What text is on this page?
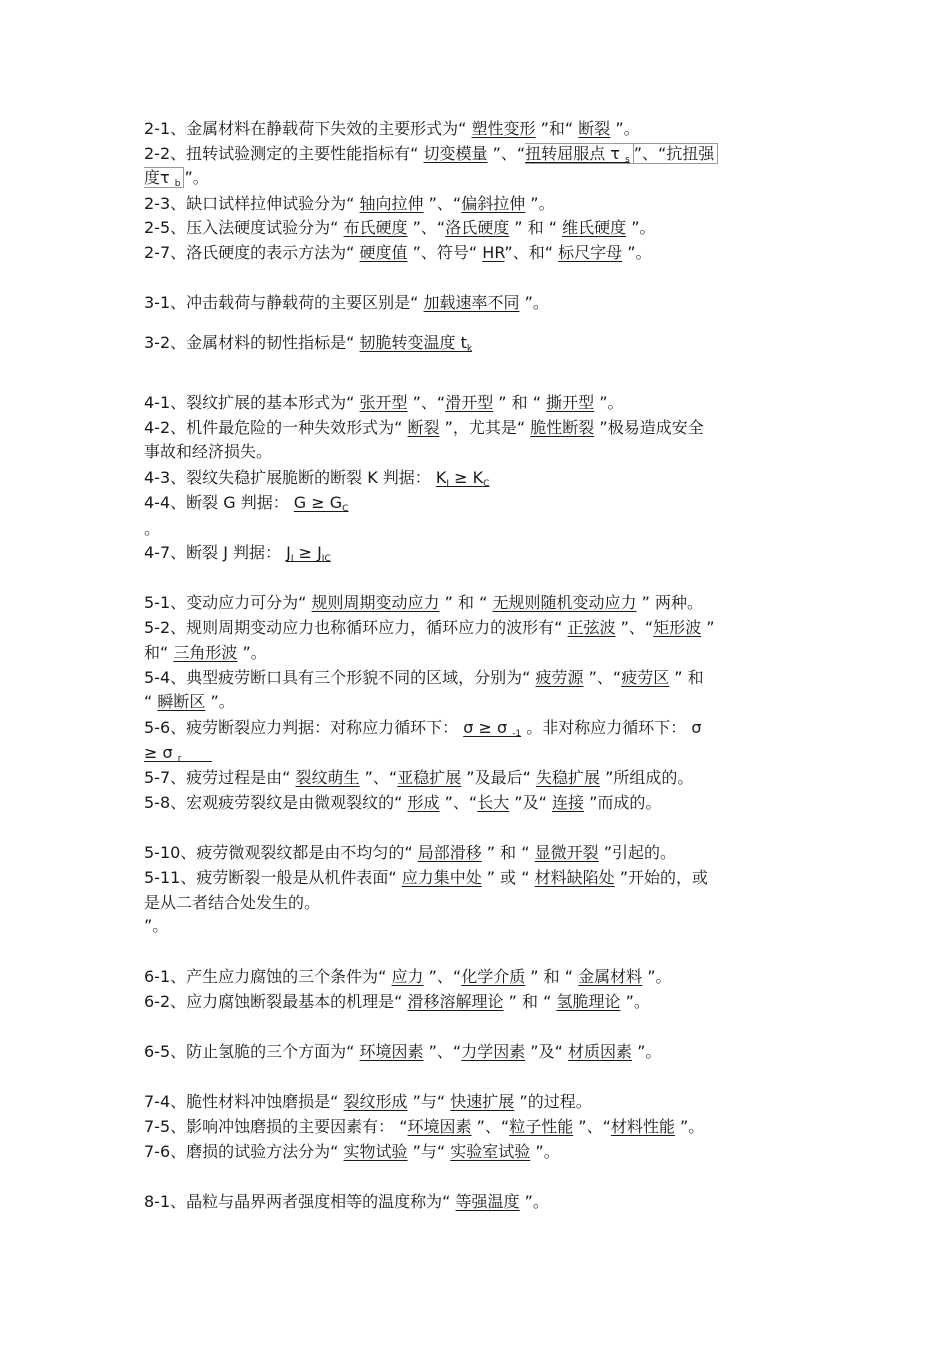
2-1、金属材料在静载荷下失效的主要形式为“ 塑性变形 ”和“ 断裂 ”。
2-2、扭转试验测定的主要性能指标有“ 切变模量 ”、“扭转屈服点 τ $_s$ ”、“抗扭强
度τ $_b$ ”。
2-3、缺口试样拉伸试验分为“ 轴向拉伸 ”、“偏斜拉伸 ”。
2-5、压入法硬度试验分为“ 布氏硬度 ”、“洛氏硬度 ” 和 “ 维氏硬度 ”。
2-7、洛氏硬度的表示方法为“ 硬度值 ”、符号“ HR”、和“ 标尺字母 ”。
3-1、冲击载荷与静载荷的主要区别是“ 加载速率不同 ”。
3-2、金属材料的韧性指标是“ 韧脆转变温度 $t_k$
4-1、裂纹扩展的基本形式为“ 张开型 ”、“滑开型 ” 和 “ 撕开型 ”。
4-2、机件最危险的一种失效形式为“ 断裂 ”，尤其是“ 脆性断裂 ”极易造成安全
事故和经济损失。
4-3、裂纹失稳扩展脆断的断裂 K 判据： $K_I \ge K_C$
4-4、断裂 G 判据： $G \ge G_C$
。
4-7、断裂 J 判据： $J_I \ge J_{IC}$
5-1、变动应力可分为“ 规则周期变动应力 ” 和 “ 无规则随机变动应力 ” 两种。
5-2、规则周期变动应力也称循环应力，循环应力的波形有“ 正弦波 ”、“矩形波 ”
和“ 三角形波 ”。
5-4、典型疲劳断口具有三个形貌不同的区域，分别为“ 疲劳源 ”、“疲劳区 ” 和
“ 瞬断区 ”。
5-6、疲劳断裂应力判据：对称应力循环下： σ ≥ σ $_{-1}$ 。非对称应力循环下： σ
≥ σ $_r$
5-7、疲劳过程是由“ 裂纹萌生 ”、“亚稳扩展 ”及最后“ 失稳扩展 ”所组成的。
5-8、宏观疲劳裂纹是由微观裂纹的“ 形成 ”、“长大 ”及“ 连接 ”而成的。
5-10、疲劳微观裂纹都是由不均匀的“ 局部滑移 ” 和 “ 显微开裂 ”引起的。
5-11、疲劳断裂一般是从机件表面“ 应力集中处 ” 或 “ 材料缺陷处 ”开始的，或
是从二者结合处发生的。
”。
6-1、产生应力腐蚀的三个条件为“ 应力 ”、“化学介质 ” 和 “ 金属材料 ”。
6-2、应力腐蚀断裂最基本的机理是“ 滑移溶解理论 ” 和 “ 氢脆理论 ”。
6-5、防止氢脆的三个方面为“ 环境因素 ”、“力学因素 ”及“ 材质因素 ”。
7-4、脆性材料冲蚀磨损是“ 裂纹形成 ”与“ 快速扩展 ”的过程。
7-5、影响冲蚀磨损的主要因素有： “环境因素 ”、“粒子性能 ”、“材料性能 ”。
7-6、磨损的试验方法分为“ 实物试验 ”与“ 实验室试验 ”。
8-1、晶粒与晶界两者强度相等的温度称为“ 等强温度 ”。
